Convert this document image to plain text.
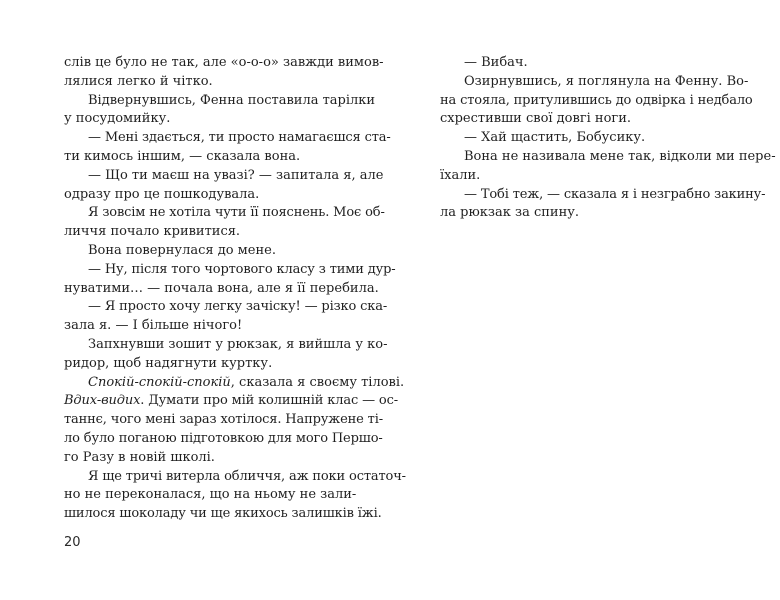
слів це було не так, але «о-о-о» завжди вимов-
лялися легко й чітко.
Відвернувшись, Фенна поставила тарілки
у посудомийку.
— Мені здається, ти просто намагаєшся ста-
ти кимось іншим, — сказала вона.
— Що ти маєш на увазі? — запитала я, але
одразу про це пошкодувала.
Я зовсім не хотіла чути її пояснень. Моє об-
личчя почало кривитися.
Вона повернулася до мене.
— Ну, після того чортового класу з тими дур-
нуватими… — почала вона, але я її перебила.
— Я просто хочу легку зачіску! — різко ска-
зала я. — І більше нічого!
Запхнувши зошит у рюкзак, я вийшла у ко-
ридор, щоб надягнути куртку.
Спокій-спокій-спокій, сказала я своєму тілові.
Вдих-видих. Думати про мій колишній клас — ос-
таннє, чого мені зараз хотілося. Напружене ті-
ло було поганою підготовкою для мого Першо-
го Разу в новій школі.
Я ще тричі витерла обличчя, аж поки остаточ-
но не переконалася, що на ньому не зали-
шилося шоколаду чи ще якихось залишків їжі.
20
— Вибач.
Озирнувшись, я поглянула на Фенну. Во-
на стояла, притулившись до одвірка і недбало
схрестивши свої довгі ноги.
— Хай щастить, Бобусику.
Вона не називала мене так, відколи ми пере-
їхали.
— Тобі теж, — сказала я і незграбно закину-
ла рюкзак за спину.
